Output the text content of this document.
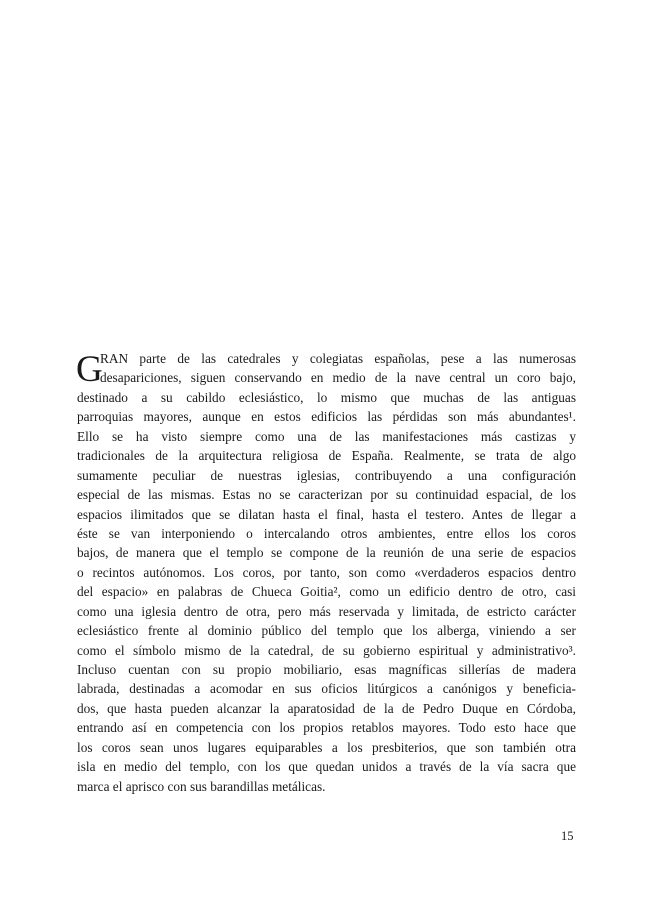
G
RAN parte de las catedrales y colegiatas españolas, pese a las numerosas
desapariciones, siguen conservando en medio de la nave central un coro bajo,
destinado a su cabildo eclesiástico, lo mismo que muchas de las antiguas
parroquias mayores, aunque en estos edificios las pérdidas son más abundantes¹.
Ello se ha visto siempre como una de las manifestaciones más castizas y
tradicionales de la arquitectura religiosa de España. Realmente, se trata de algo
sumamente peculiar de nuestras iglesias, contribuyendo a una configuración
especial de las mismas. Estas no se caracterizan por su continuidad espacial, de los
espacios ilimitados que se dilatan hasta el final, hasta el testero. Antes de llegar a
éste se van interponiendo o intercalando otros ambientes, entre ellos los coros
bajos, de manera que el templo se compone de la reunión de una serie de espacios
o recintos autónomos. Los coros, por tanto, son como «verdaderos espacios dentro
del espacio» en palabras de Chueca Goitia², como un edificio dentro de otro, casi
como una iglesia dentro de otra, pero más reservada y limitada, de estricto carácter
eclesiástico frente al dominio público del templo que los alberga, viniendo a ser
como el símbolo mismo de la catedral, de su gobierno espiritual y administrativo³.
Incluso cuentan con su propio mobiliario, esas magníficas sillerías de madera
labrada, destinadas a acomodar en sus oficios litúrgicos a canónigos y beneficia-
dos, que hasta pueden alcanzar la aparatosidad de la de Pedro Duque en Córdoba,
entrando así en competencia con los propios retablos mayores. Todo esto hace que
los coros sean unos lugares equiparables a los presbiterios, que son también otra
isla en medio del templo, con los que quedan unidos a través de la vía sacra que
marca el aprisco con sus barandillas metálicas.
15
